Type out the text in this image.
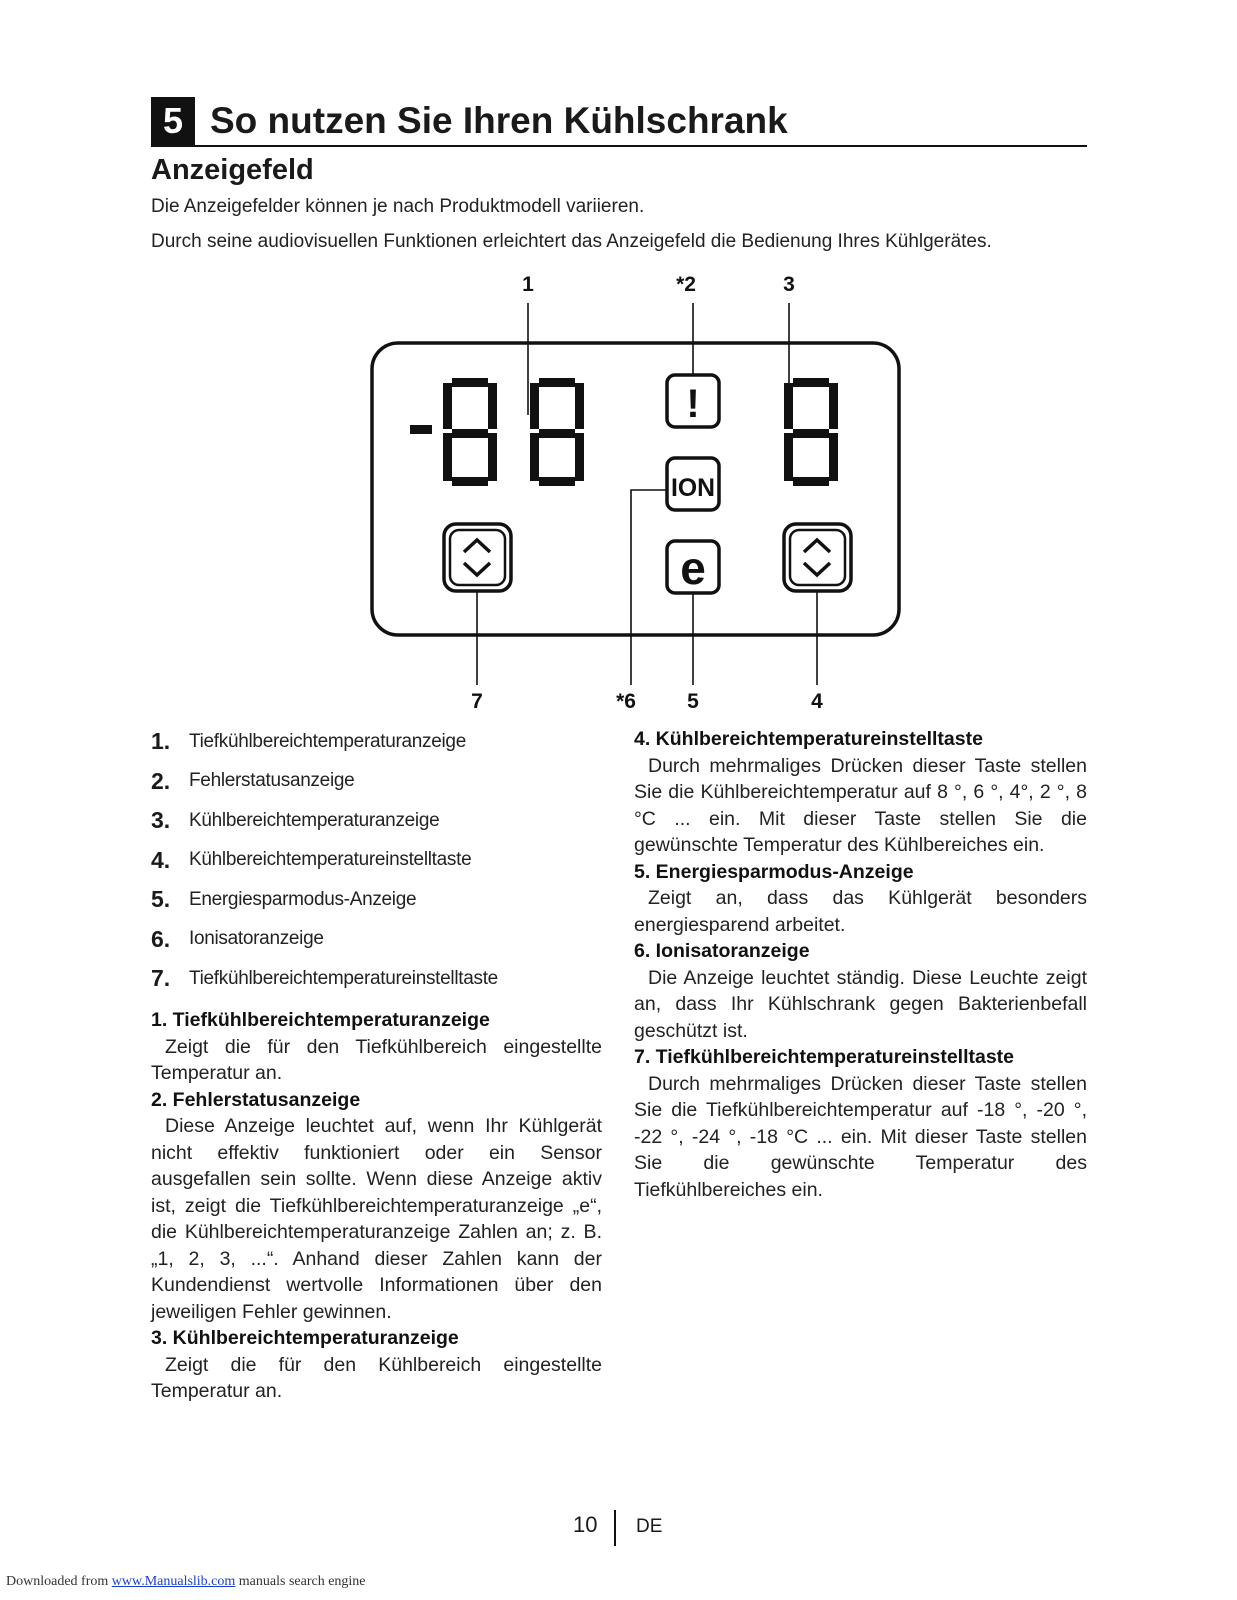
5 So nutzen Sie Ihren Kühlschrank
Anzeigefeld
Die Anzeigefelder können je nach Produktmodell variieren.
Durch seine audiovisuellen Funktionen erleichtert das Anzeigefeld die Bedienung Ihres Kühlgerätes.
!
ION
e
1	*2	3
7	*6 5	4
1. Tiefkühlbereichtemperaturanzeige
2. Fehlerstatusanzeige
3. Kühlbereichtemperaturanzeige
4. Kühlbereichtemperatureinstelltaste
5. Energiesparmodus-Anzeige
6. Ionisatoranzeige
7. Tiefkühlbereichtemperatureinstelltaste
1. Tiefkühlbereichtemperaturanzeige

Zeigt die für den Tiefkühlbereich eingestellte Temperatur an.

2. Fehlerstatusanzeige

Diese Anzeige leuchtet auf, wenn Ihr Kühlgerät nicht effektiv funktioniert oder ein Sensor ausgefallen sein sollte. Wenn diese Anzeige aktiv ist, zeigt die Tiefkühlbereichtemperaturanzeige „e“, die Kühlbereichtemperaturanzeige Zahlen an; z. B. „1, 2, 3, ...“. Anhand dieser Zahlen kann der Kundendienst wertvolle Informationen über den jeweiligen Fehler gewinnen.

3. Kühlbereichtemperaturanzeige

Zeigt die für den Kühlbereich eingestellte Temperatur an.

4. Kühlbereichtemperatureinstelltaste

Durch mehrmaliges Drücken dieser Taste stellen Sie die Kühlbereichtemperatur auf 8 °, 6 °, 4°, 2 °, 8 °C ... ein. Mit dieser Taste stellen Sie die gewünschte Temperatur des Kühlbereiches ein.

5. Energiesparmodus-Anzeige

Zeigt an, dass das Kühlgerät besonders energiesparend arbeitet.

6. Ionisatoranzeige

Die Anzeige leuchtet ständig. Diese Leuchte zeigt an, dass Ihr Kühlschrank gegen Bakterienbefall geschützt ist.

7. Tiefkühlbereichtemperatureinstelltaste

Durch mehrmaliges Drücken dieser Taste stellen Sie die Tiefkühlbereichtemperatur auf -18 °, -20 °, -22 °, -24 °, -18 °C ... ein. Mit dieser Taste stellen Sie die gewünschte Temperatur des Tiefkühlbereiches ein.

10 DE
Downloaded from www.Manualslib.com manuals search engine
